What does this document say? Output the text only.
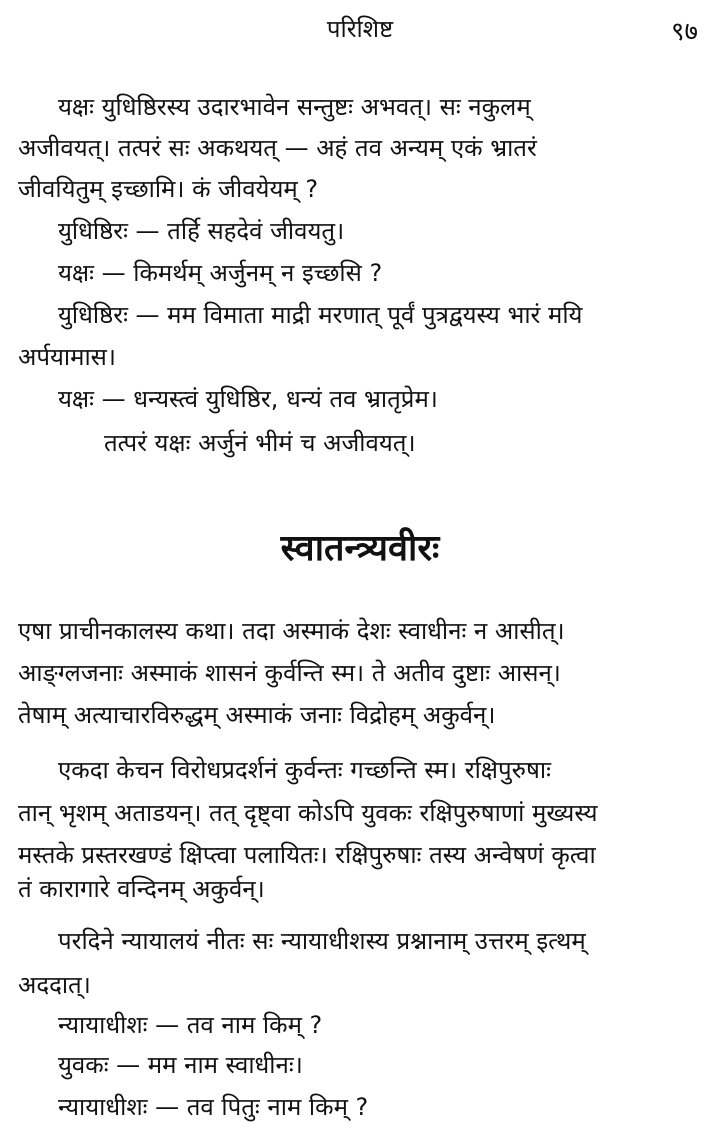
परिशिष्ट	९७
यक्षः युधिष्ठिरस्य उदारभावेन सन्तुष्टः अभवत्। सः नकुलम्
अजीवयत्। तत्परं सः अकथयत् — अहं तव अन्यम् एकं भ्रातरं
जीवयितुम् इच्छामि। कं जीवयेयम् ?
युधिष्ठिरः — तर्हि सहदेवं जीवयतु।
यक्षः — किमर्थम् अर्जुनम् न इच्छसि ?
युधिष्ठिरः — मम विमाता माद्री मरणात् पूर्वं पुत्रद्वयस्य भारं मयि
अर्पयामास।
यक्षः — धन्यस्त्वं युधिष्ठिर, धन्यं तव भ्रातृप्रेम।
तत्परं यक्षः अर्जुनं भीमं च अजीवयत्।
स्वातन्त्र्यवीरः
एषा प्राचीनकालस्य कथा। तदा अस्माकं देशः स्वाधीनः न आसीत्।
आङ्ग्लजनाः अस्माकं शासनं कुर्वन्ति स्म। ते अतीव दुष्टाः आसन्।
तेषाम् अत्याचारविरुद्धम् अस्माकं जनाः विद्रोहम् अकुर्वन्।
एकदा केचन विरोधप्रदर्शनं कुर्वन्तः गच्छन्ति स्म। रक्षिपुरुषाः
तान् भृशम् अताडयन्। तत् दृष्ट्वा कोऽपि युवकः रक्षिपुरुषाणां मुख्यस्य
मस्तके प्रस्तरखण्डं क्षिप्त्वा पलायितः। रक्षिपुरुषाः तस्य अन्वेषणं कृत्वा
तं कारागारे वन्दिनम् अकुर्वन्।
परदिने न्यायालयं नीतः सः न्यायाधीशस्य प्रश्नानाम् उत्तरम् इत्थम्
अददात्।
न्यायाधीशः — तव नाम किम् ?
युवकः — मम नाम स्वाधीनः।
न्यायाधीशः — तव पितुः नाम किम् ?
